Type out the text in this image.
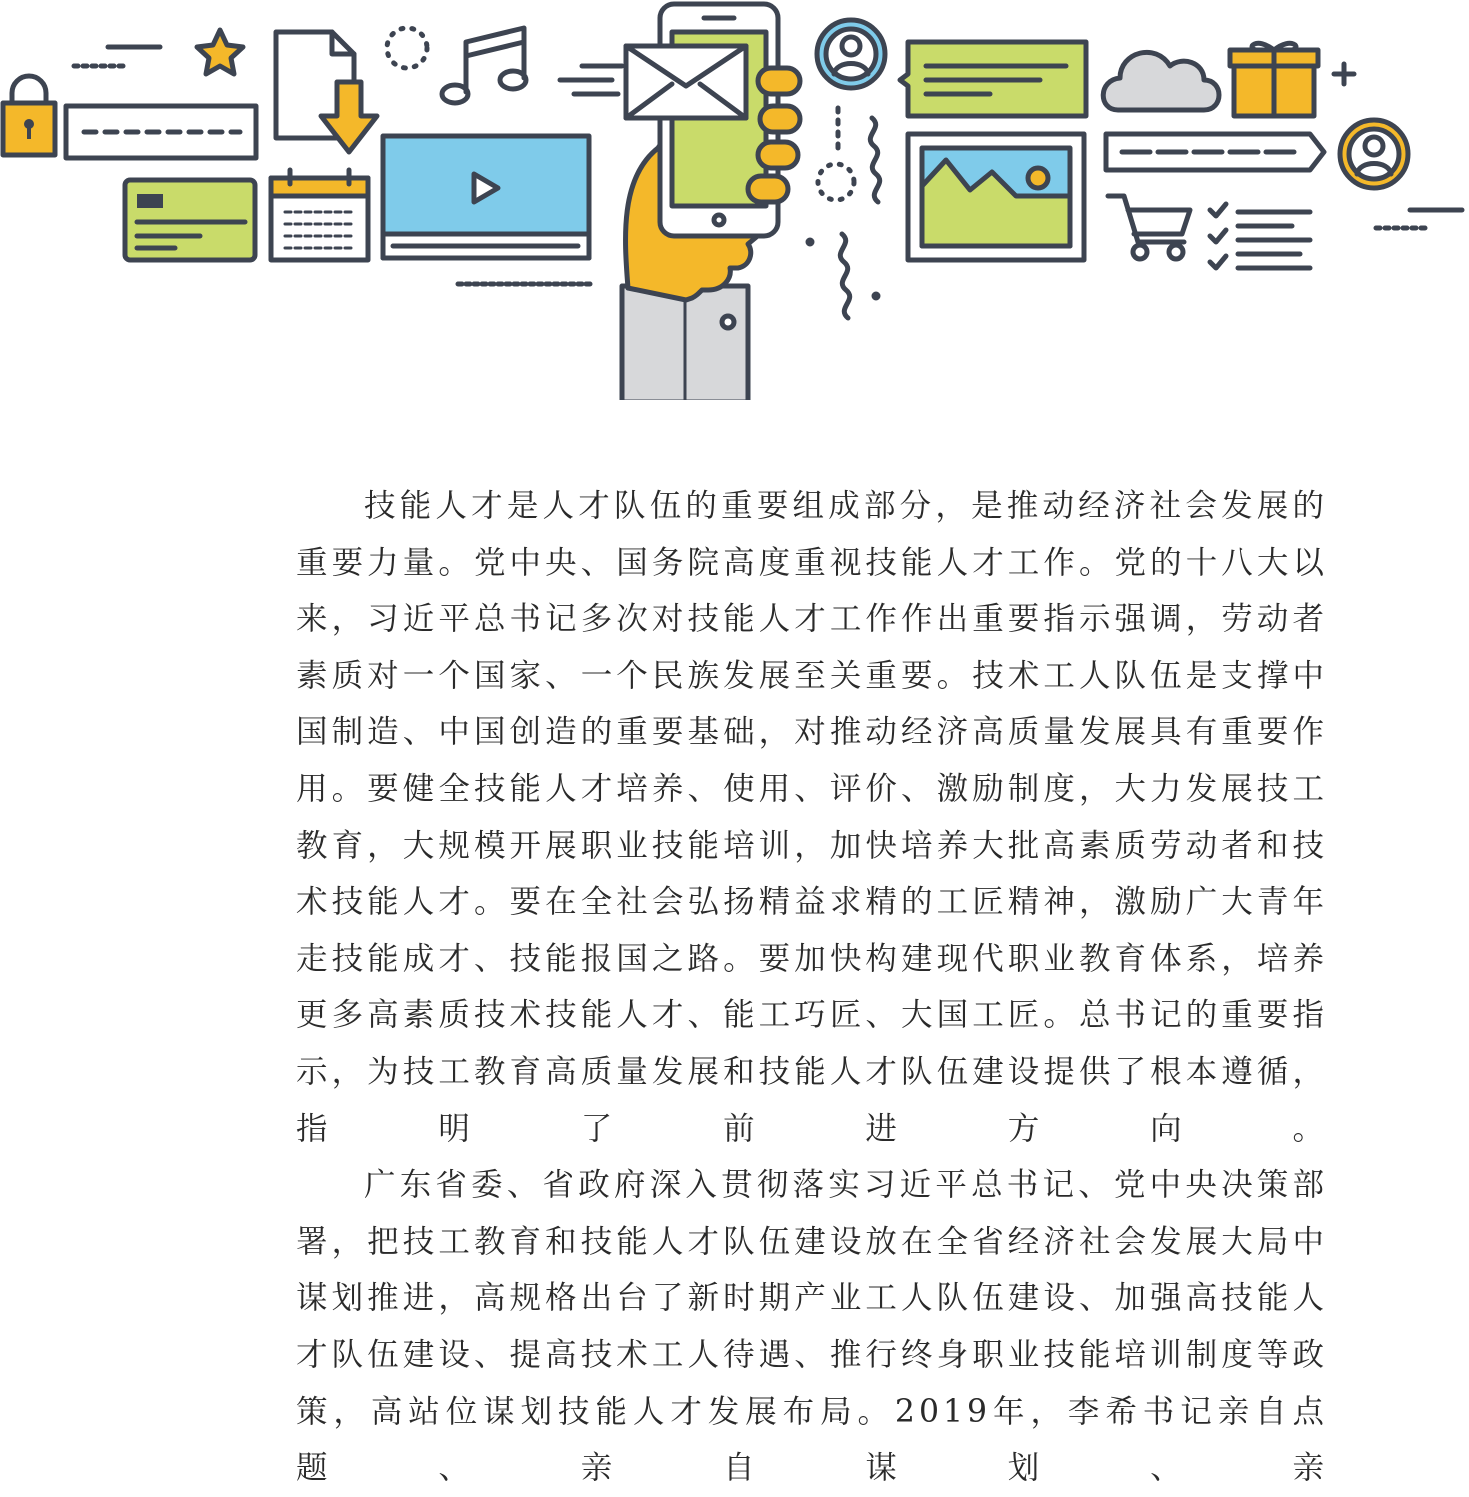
技能人才是人才队伍的重要组成部分，是推动经济社会发展的重要力量。党中央、国务院高度重视技能人才工作。党的十八大以来，习近平总书记多次对技能人才工作作出重要指示强调，劳动者素质对一个国家、一个民族发展至关重要。技术工人队伍是支撑中国制造、中国创造的重要基础，对推动经济高质量发展具有重要作用。要健全技能人才培养、使用、评价、激励制度，大力发展技工教育，大规模开展职业技能培训，加快培养大批高素质劳动者和技术技能人才。要在全社会弘扬精益求精的工匠精神，激励广大青年走技能成才、技能报国之路。要加快构建现代职业教育体系，培养更多高素质技术技能人才、能工巧匠、大国工匠。总书记的重要指示，为技工教育高质量发展和技能人才队伍建设提供了根本遵循，指明了前进方向。

广东省委、省政府深入贯彻落实习近平总书记、党中央决策部署，把技工教育和技能人才队伍建设放在全省经济社会发展大局中谋划推进，高规格出台了新时期产业工人队伍建设、加强高技能人才队伍建设、提高技术工人待遇、推行终身职业技能培训制度等政策，高站位谋划技能人才发展布局。2019年，李希书记亲自点题、亲自谋划、亲
